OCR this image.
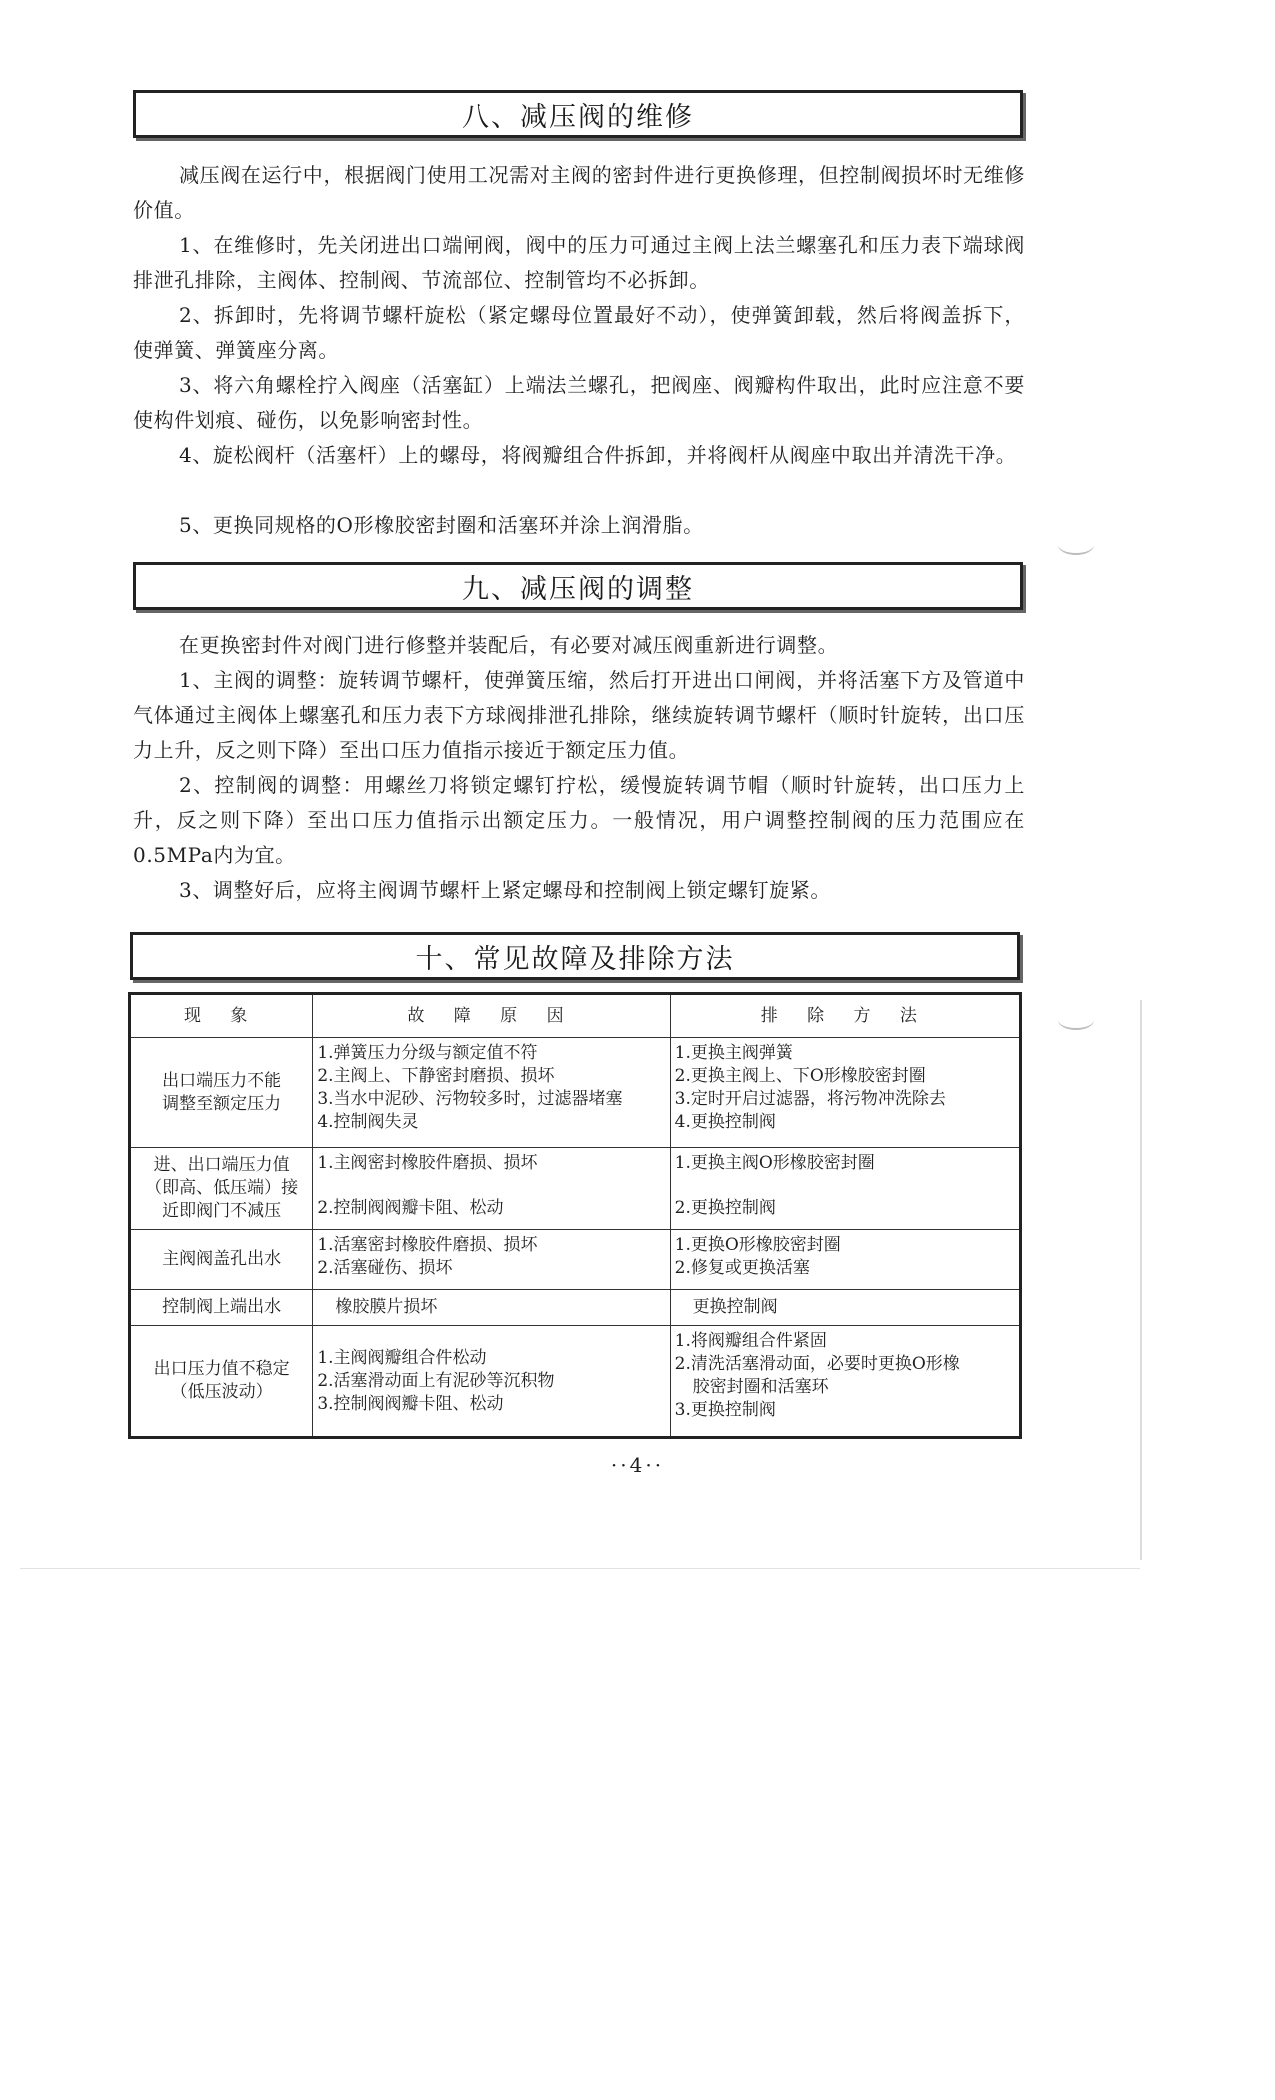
八、减压阀的维修

减压阀在运行中，根据阀门使用工况需对主阀的密封件进行更换修理，但控制阀损坏时无维修价值。

1、在维修时，先关闭进出口端闸阀，阀中的压力可通过主阀上法兰螺塞孔和压力表下端球阀排泄孔排除，主阀体、控制阀、节流部位、控制管均不必拆卸。

2、拆卸时，先将调节螺杆旋松（紧定螺母位置最好不动），使弹簧卸载，然后将阀盖拆下，使弹簧、弹簧座分离。

3、将六角螺栓拧入阀座（活塞缸）上端法兰螺孔，把阀座、阀瓣构件取出，此时应注意不要使构件划痕、碰伤，以免影响密封性。

4、旋松阀杆（活塞杆）上的螺母，将阀瓣组合件拆卸，并将阀杆从阀座中取出并清洗干净。

5、更换同规格的O形橡胶密封圈和活塞环并涂上润滑脂。

九、减压阀的调整

在更换密封件对阀门进行修整并装配后，有必要对减压阀重新进行调整。

1、主阀的调整：旋转调节螺杆，使弹簧压缩，然后打开进出口闸阀，并将活塞下方及管道中气体通过主阀体上螺塞孔和压力表下方球阀排泄孔排除，继续旋转调节螺杆（顺时针旋转，出口压力上升，反之则下降）至出口压力值指示接近于额定压力值。

2、控制阀的调整：用螺丝刀将锁定螺钉拧松，缓慢旋转调节帽（顺时针旋转，出口压力上升，反之则下降）至出口压力值指示出额定压力。一般情况，用户调整控制阀的压力范围应在0.5MPa内为宜。

3、调整好后，应将主阀调节螺杆上紧定螺母和控制阀上锁定螺钉旋紧。

十、常见故障及排除方法
现 象	故 障 原 因	排 除 方 法

出口端压力不能
调整至额定压力	1.弹簧压力分级与额定值不符
2.主阀上、下静密封磨损、损坏
3.当水中泥砂、污物较多时，过滤器堵塞
4.控制阀失灵	1.更换主阀弹簧
2.更换主阀上、下O形橡胶密封圈
3.定时开启过滤器，将污物冲洗除去
4.更换控制阀

进、出口端压力值
（即高、低压端）接
近即阀门不减压	1.主阀密封橡胶件磨损、损坏
2.控制阀阀瓣卡阻、松动	1.更换主阀O形橡胶密封圈
2.更换控制阀

主阀阀盖孔出水	1.活塞密封橡胶件磨损、损坏
2.活塞碰伤、损坏	1.更换O形橡胶密封圈
2.修复或更换活塞

控制阀上端出水	橡胶膜片损坏	更换控制阀

出口压力值不稳定
（低压波动）	1.主阀阀瓣组合件松动
2.活塞滑动面上有泥砂等沉积物
3.控制阀阀瓣卡阻、松动	1.将阀瓣组合件紧固
2.清洗活塞滑动面，必要时更换O形橡
胶密封圈和活塞环
3.更换控制阀
··4··
